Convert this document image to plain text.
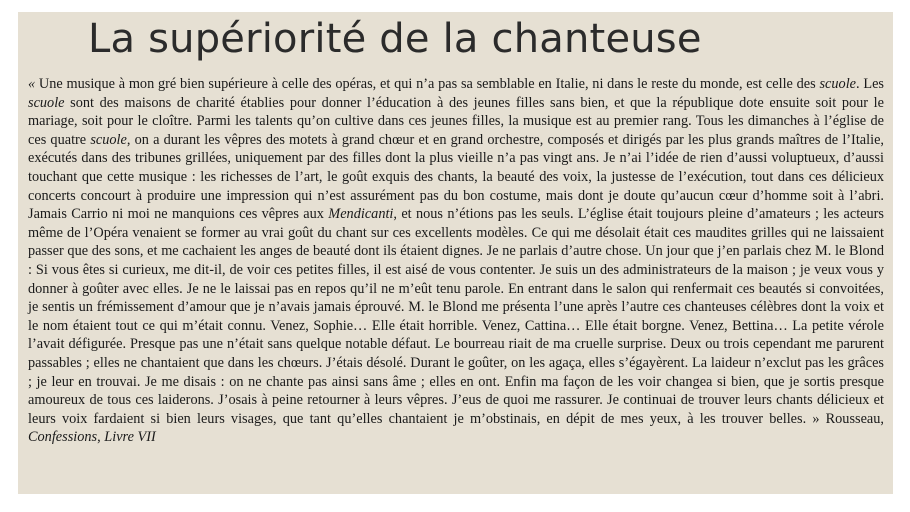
La supériorité de la chanteuse

« Une musique à mon gré bien supérieure à celle des opéras, et qui n’a pas sa semblable en Italie, ni dans le reste du monde, est celle des scuole. Les scuole sont des maisons de charité établies pour donner l’éducation à des jeunes filles sans bien, et que la république dote ensuite soit pour le mariage, soit pour le cloître. Parmi les talents qu’on cultive dans ces jeunes filles, la musique est au premier rang. Tous les dimanches à l’église de ces quatre scuole, on a durant les vêpres des motets à grand chœur et en grand orchestre, composés et dirigés par les plus grands maîtres de l’Italie, exécutés dans des tribunes grillées, uniquement par des filles dont la plus vieille n’a pas vingt ans. Je n’ai l’idée de rien d’aussi voluptueux, d’aussi touchant que cette musique : les richesses de l’art, le goût exquis des chants, la beauté des voix, la justesse de l’exécution, tout dans ces délicieux concerts concourt à produire une impression qui n’est assurément pas du bon costume, mais dont je doute qu’aucun cœur d’homme soit à l’abri. Jamais Carrio ni moi ne manquions ces vêpres aux Mendicanti, et nous n’étions pas les seuls. L’église était toujours pleine d’amateurs ; les acteurs même de l’Opéra venaient se former au vrai goût du chant sur ces excellents modèles. Ce qui me désolait était ces maudites grilles qui ne laissaient passer que des sons, et me cachaient les anges de beauté dont ils étaient dignes. Je ne parlais d’autre chose. Un jour que j’en parlais chez M. le Blond : Si vous êtes si curieux, me dit-il, de voir ces petites filles, il est aisé de vous contenter. Je suis un des administrateurs de la maison ; je veux vous y donner à goûter avec elles. Je ne le laissai pas en repos qu’il ne m’eût tenu parole. En entrant dans le salon qui renfermait ces beautés si convoitées, je sentis un frémissement d’amour que je n’avais jamais éprouvé. M. le Blond me présenta l’une après l’autre ces chanteuses célèbres dont la voix et le nom étaient tout ce qui m’était connu. Venez, Sophie… Elle était horrible. Venez, Cattina… Elle était borgne. Venez, Bettina… La petite vérole l’avait défigurée. Presque pas une n’était sans quelque notable défaut. Le bourreau riait de ma cruelle surprise. Deux ou trois cependant me parurent passables ; elles ne chantaient que dans les chœurs. J’étais désolé. Durant le goûter, on les agaça, elles s’égayèrent. La laideur n’exclut pas les grâces ; je leur en trouvai. Je me disais : on ne chante pas ainsi sans âme ; elles en ont. Enfin ma façon de les voir changea si bien, que je sortis presque amoureux de tous ces laiderons. J’osais à peine retourner à leurs vêpres. J’eus de quoi me rassurer. Je continuai de trouver leurs chants délicieux et leurs voix fardaient si bien leurs visages, que tant qu’elles chantaient je m’obstinais, en dépit de mes yeux, à les trouver belles. » Rousseau, Confessions, Livre VII
